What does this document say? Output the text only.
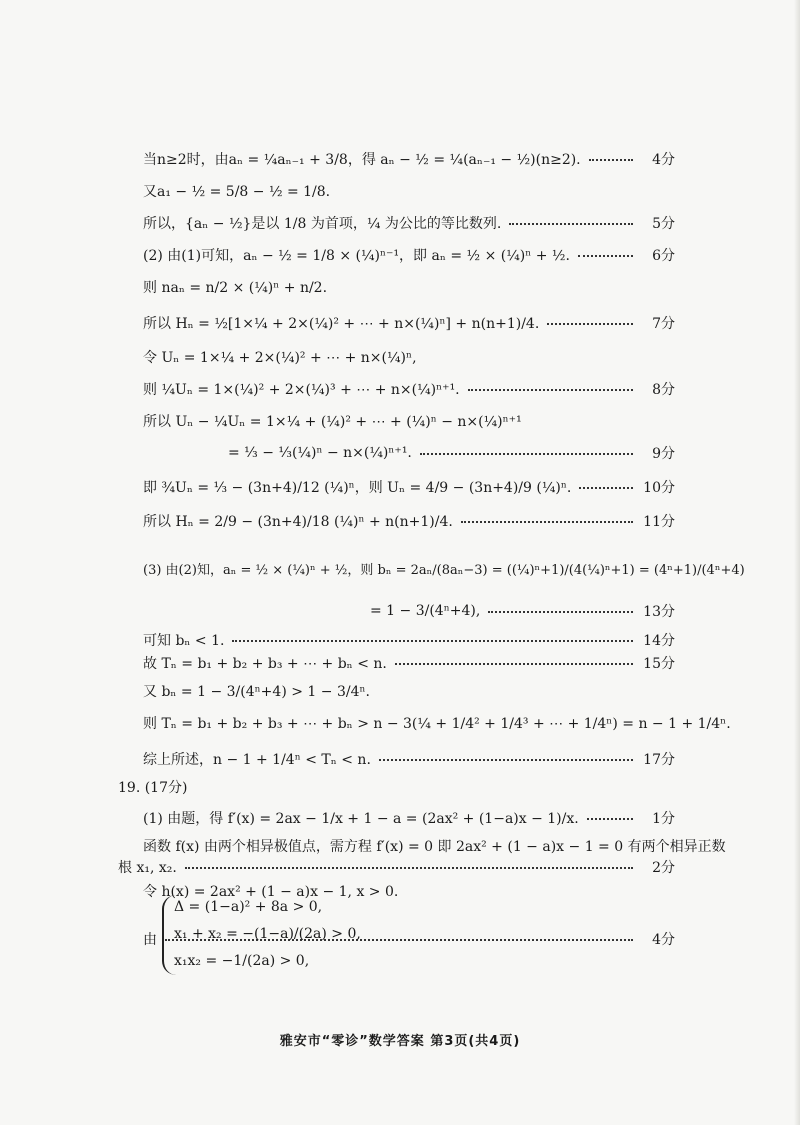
当n≥2时，由aₙ = ¼aₙ₋₁ + 3/8，得 aₙ − ½ = ¼(aₙ₋₁ − ½)(n≥2).	4分
又a₁ − ½ = 5/8 − ½ = 1/8.
所以，{aₙ − ½}是以 1/8 为首项，¼ 为公比的等比数列.	5分
(2) 由(1)可知，aₙ − ½ = 1/8 × (¼)ⁿ⁻¹，即 aₙ = ½ × (¼)ⁿ + ½.	6分
则 naₙ = n/2 × (¼)ⁿ + n/2.
所以 Hₙ = ½[1×¼ + 2×(¼)² + ⋯ + n×(¼)ⁿ] + n(n+1)/4.	7分
令 Uₙ = 1×¼ + 2×(¼)² + ⋯ + n×(¼)ⁿ,
则 ¼Uₙ = 1×(¼)² + 2×(¼)³ + ⋯ + n×(¼)ⁿ⁺¹.	8分
所以 Uₙ − ¼Uₙ = 1×¼ + (¼)² + ⋯ + (¼)ⁿ − n×(¼)ⁿ⁺¹
= ⅓ − ⅓(¼)ⁿ − n×(¼)ⁿ⁺¹.	9分
即 ¾Uₙ = ⅓ − (3n+4)/12 (¼)ⁿ，则 Uₙ = 4/9 − (3n+4)/9 (¼)ⁿ.	10分
所以 Hₙ = 2/9 − (3n+4)/18 (¼)ⁿ + n(n+1)/4.	11分
(3) 由(2)知，aₙ = ½ × (¼)ⁿ + ½，则 bₙ = 2aₙ/(8aₙ−3) = ((¼)ⁿ+1)/(4(¼)ⁿ+1) = (4ⁿ+1)/(4ⁿ+4)
= 1 − 3/(4ⁿ+4),	13分
可知 bₙ < 1.	14分
故 Tₙ = b₁ + b₂ + b₃ + ⋯ + bₙ < n.	15分
又 bₙ = 1 − 3/(4ⁿ+4) > 1 − 3/4ⁿ.
则 Tₙ = b₁ + b₂ + b₃ + ⋯ + bₙ > n − 3(¼ + 1/4² + 1/4³ + ⋯ + 1/4ⁿ) = n − 1 + 1/4ⁿ.
综上所述，n − 1 + 1/4ⁿ < Tₙ < n.	17分
19. (17分)
(1) 由题，得 f′(x) = 2ax − 1/x + 1 − a = (2ax² + (1−a)x − 1)/x.	1分
函数 f(x) 由两个相异极值点，需方程 f′(x) = 0 即 2ax² + (1 − a)x − 1 = 0 有两个相异正数
根 x₁, x₂.	2分
令 h(x) = 2ax² + (1 − a)x − 1, x > 0.
由	4分
Δ = (1−a)² + 8a > 0,
x₁ + x₂ = −(1−a)/(2a) > 0,
x₁x₂ = −1/(2a) > 0,
雅安市“零诊”数学答案 第3页(共4页)
